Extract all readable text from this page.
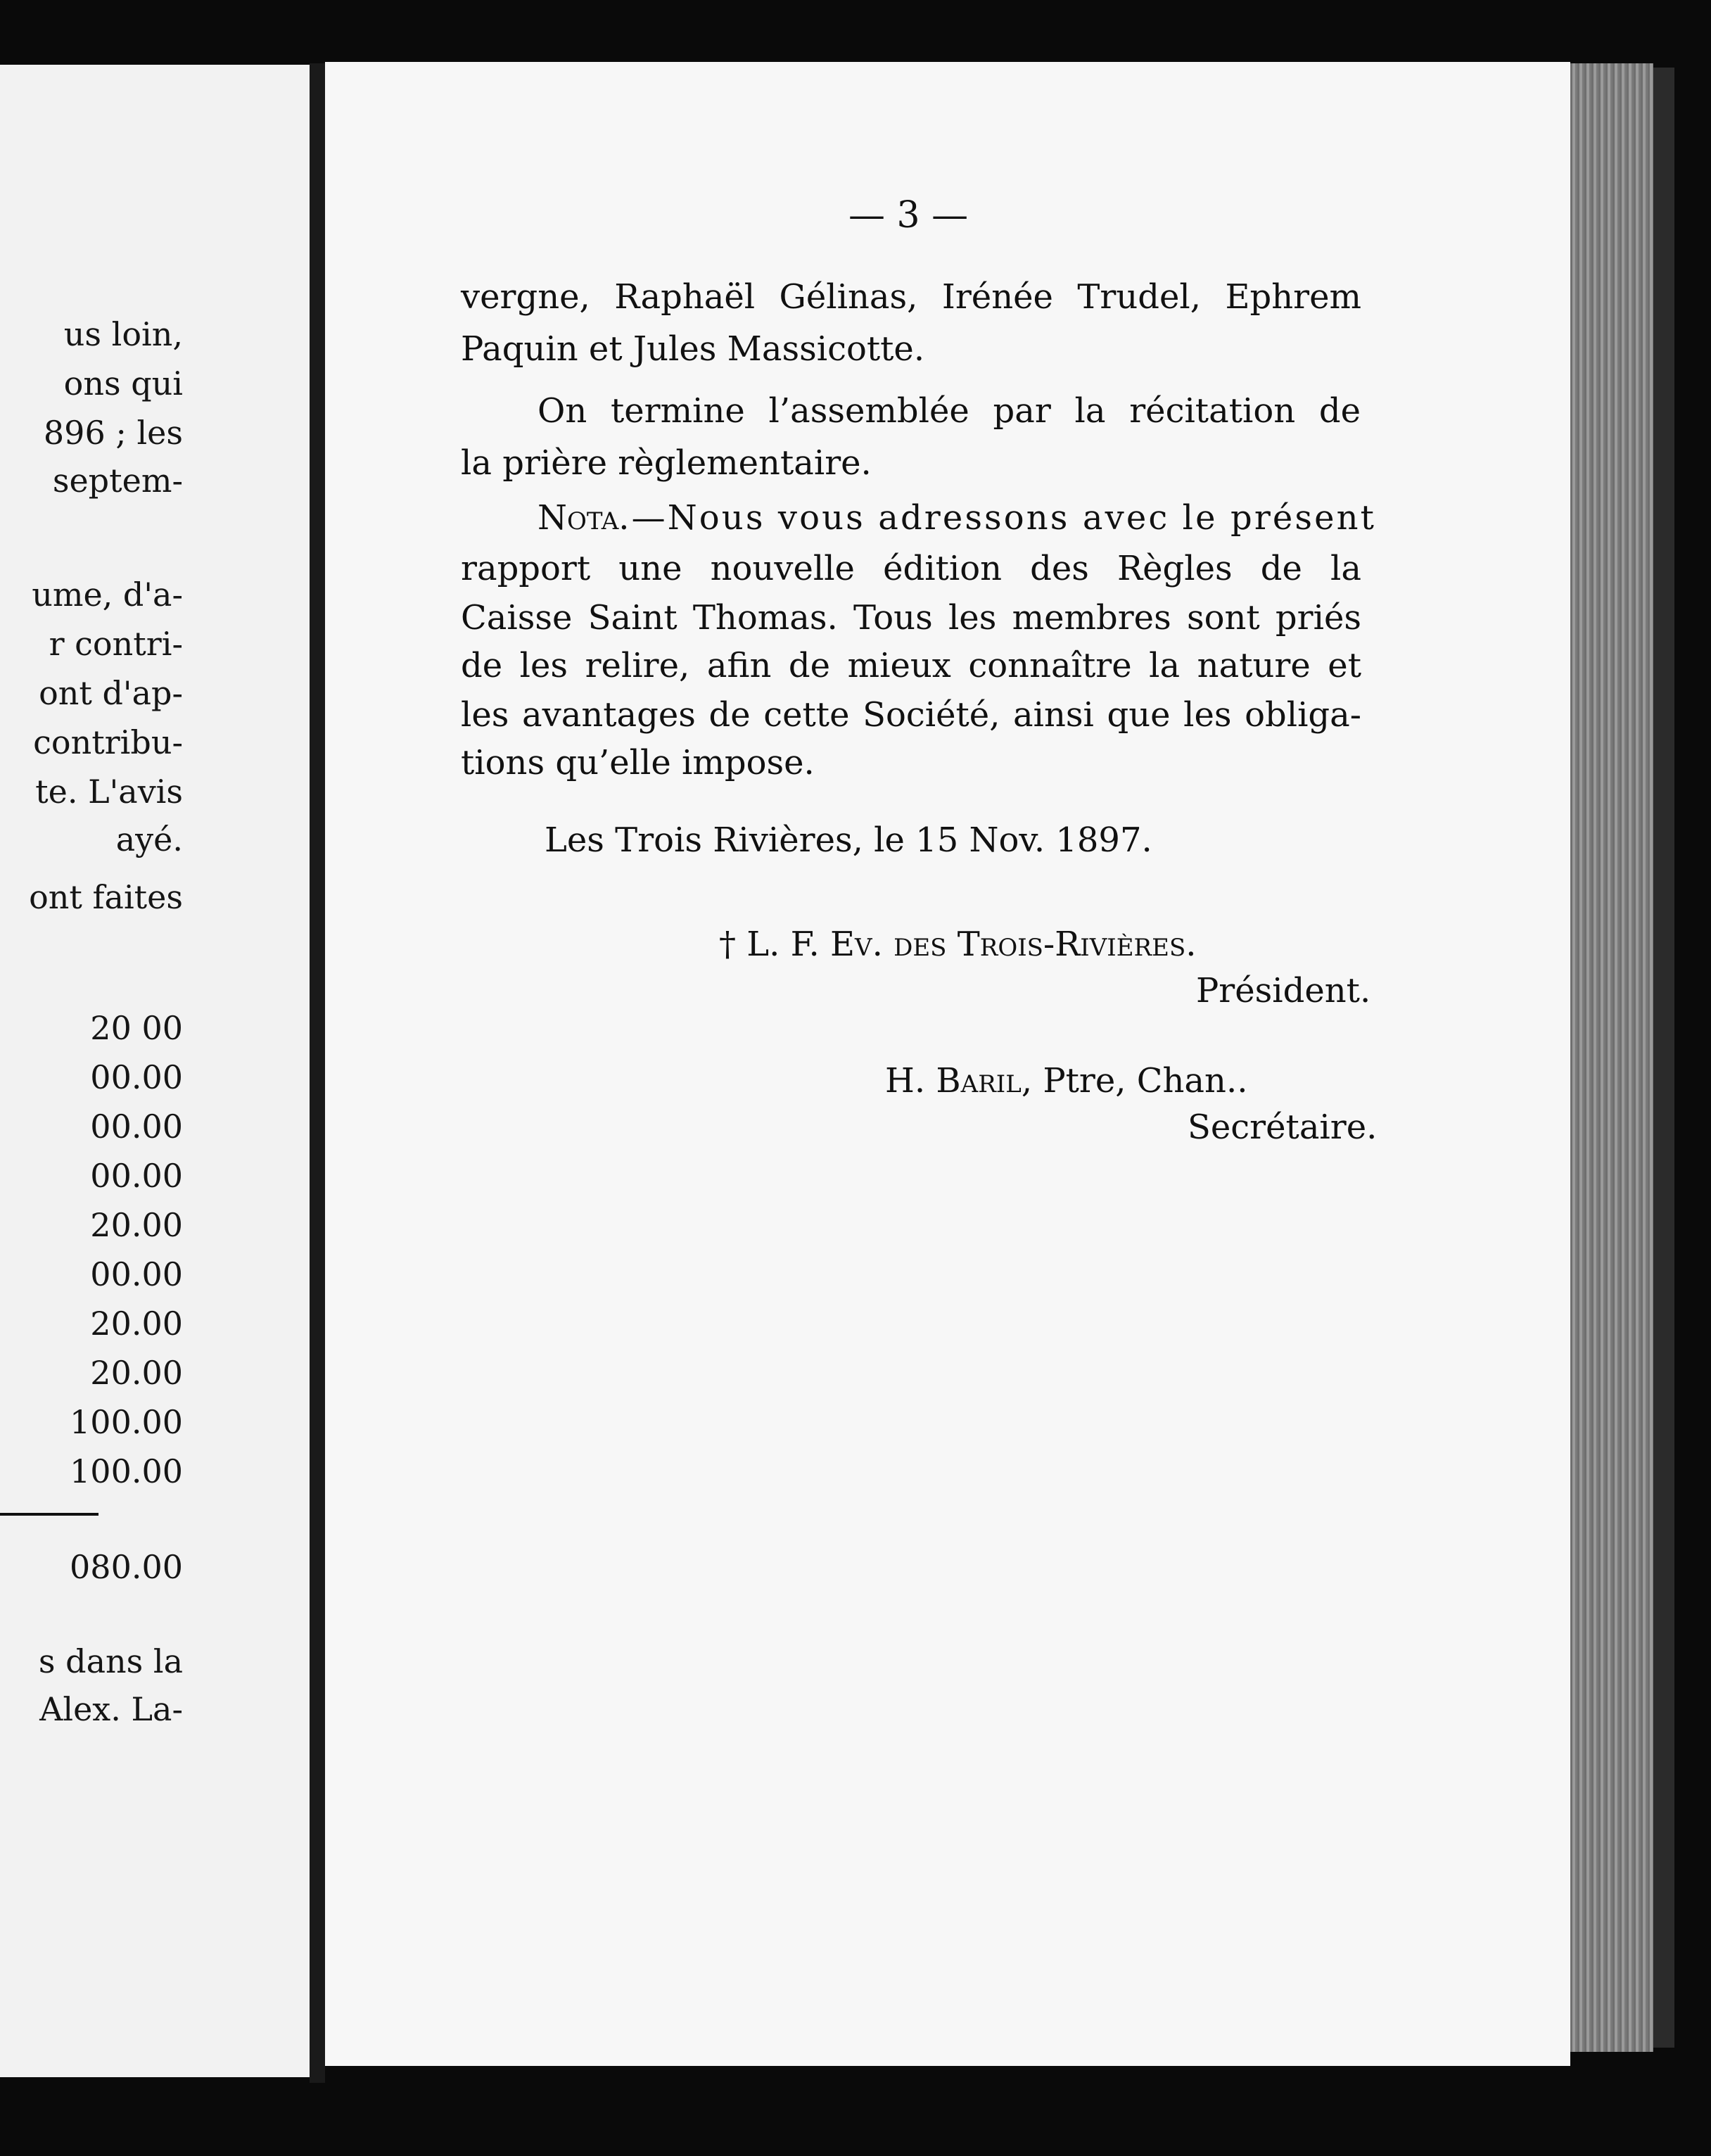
us loin,
ons qui
896 ; les
septem-
ume, d'a-
r contri-
ont d'ap-
contribu-
te. L'avis
ayé.
ont faites
20 00
00.00
00.00
00.00
20.00
00.00
20.00
20.00
100.00
100.00
080.00
s dans la
Alex. La-
— 3 —
vergne, Raphaël Gélinas, Irénée Trudel, Ephrem
Paquin et Jules Massicotte.
On termine l’assemblée par la récitation de
la prière règlementaire.
Nota.—Nous vous adressons avec le présent
rapport une nouvelle édition des Règles de la
Caisse Saint Thomas. Tous les membres sont priés
de les relire, afin de mieux connaître la nature et
les avantages de cette Société, ainsi que les obliga-
tions qu’elle impose.
Les Trois Rivières, le 15 Nov. 1897.
† L. F. Ev. des Trois-Rivières.
Président.
H. Baril, Ptre, Chan..
Secrétaire.
